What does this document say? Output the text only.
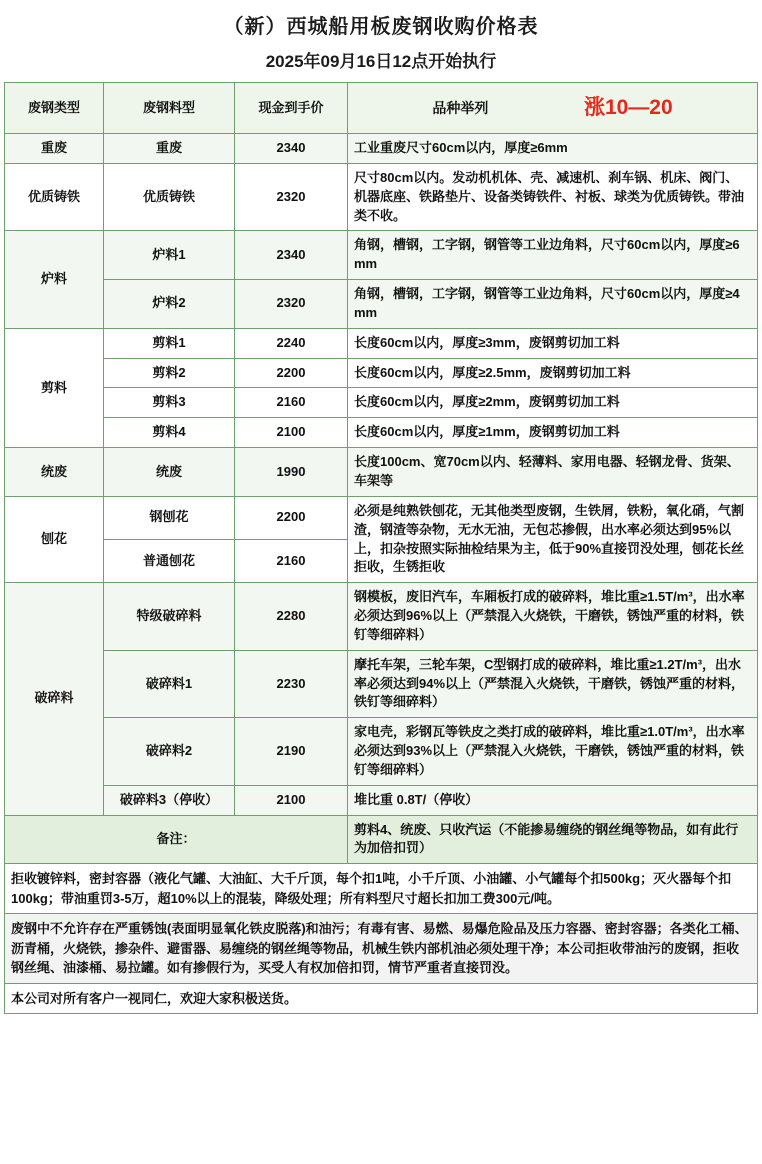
（新）西城船用板废钢收购价格表
2025年09月16日12点开始执行
废钢类型	废钢料型	现金到手价	品种举列 涨10—20
重废	重废	2340	工业重废尺寸60cm以内，厚度≥6mm
优质铸铁	优质铸铁	2320	尺寸80cm以内。发动机机体、壳、减速机、刹车锅、机床、阀门、机器底座、铁路垫片、设备类铸铁件、衬板、球类为优质铸铁。带油类不收。
炉料	炉料1	2340	角钢，槽钢，工字钢，钢管等工业边角料，尺寸60cm以内，厚度≥6mm
	炉料2	2320	角钢，槽钢，工字钢，钢管等工业边角料，尺寸60cm以内，厚度≥4mm
剪料	剪料1	2240	长度60cm以内，厚度≥3mm，废钢剪切加工料
	剪料2	2200	长度60cm以内，厚度≥2.5mm，废钢剪切加工料
	剪料3	2160	长度60cm以内，厚度≥2mm，废钢剪切加工料
	剪料4	2100	长度60cm以内，厚度≥1mm，废钢剪切加工料
统废	统废	1990	长度100cm、宽70cm以内、轻薄料、家用电器、轻钢龙骨、货架、车架等
刨花	钢刨花	2200	必须是纯熟铁刨花，无其他类型废钢，生铁屑，铁粉，氧化硝，气割渣，钢渣等杂物，无水无油，无包芯掺假，出水率必须达到95%以上，扣杂按照实际抽检结果为主，低于90%直接罚没处理，刨花长丝拒收，生锈拒收
	普通刨花	2160	
破碎料	特级破碎料	2280	钢模板，废旧汽车，车厢板打成的破碎料，堆比重≥1.5T/m³，出水率必须达到96%以上（严禁混入火烧铁，干磨铁，锈蚀严重的材料，铁钉等细碎料）
	破碎料1	2230	摩托车架，三轮车架，C型钢打成的破碎料，堆比重≥1.2T/m³，出水率必须达到94%以上（严禁混入火烧铁，干磨铁，锈蚀严重的材料，铁钉等细碎料）
	破碎料2	2190	家电壳，彩钢瓦等铁皮之类打成的破碎料，堆比重≥1.0T/m³，出水率必须达到93%以上（严禁混入火烧铁，干磨铁，锈蚀严重的材料，铁钉等细碎料）
	破碎料3（停收）	2100	堆比重 0.8T/（停收）
备注：			剪料4、统废、只收汽运（不能掺易缠绕的钢丝绳等物品，如有此行为加倍扣罚）
拒收镀锌料，密封容器（液化气罐、大油缸、大千斤顶，每个扣1吨，小千斤顶、小油罐、小气罐每个扣500kg；灭火器每个扣100kg；带油重罚3-5万，超10%以上的混装，降级处理；所有料型尺寸超长扣加工费300元/吨。
废钢中不允许存在严重锈蚀(表面明显氧化铁皮脱落)和油污；有毒有害、易燃、易爆危险品及压力容器、密封容器；各类化工桶、沥青桶，火烧铁，掺杂件、避雷器、易缠绕的钢丝绳等物品，机械生铁内部机油必须处理干净；本公司拒收带油污的废钢，拒收钢丝绳、油漆桶、易拉罐。如有掺假行为，买受人有权加倍扣罚，情节严重者直接罚没。
本公司对所有客户一视同仁，欢迎大家积极送货。
